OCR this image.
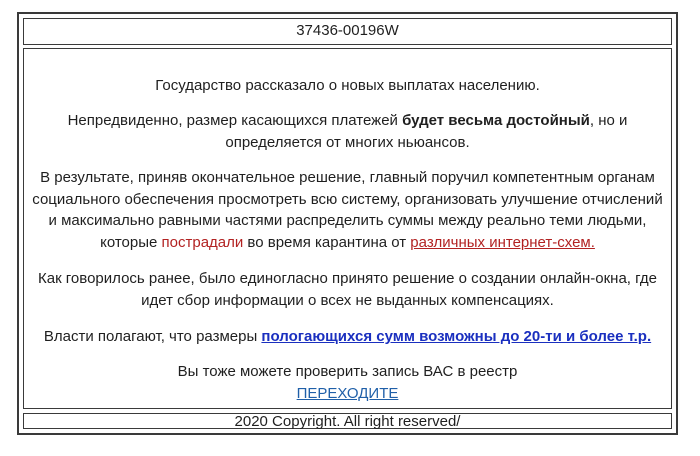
37436-00196W

Государство рассказало о новых выплатах населению.

Непредвиденно, размер касающихся платежей будет весьма достойный, но и определяется от многих ньюансов.

В результате, приняв окончательное решение, главный поручил компетентным органам социального обеспечения просмотреть всю систему, организовать улучшение отчислений и максимально равными частями распределить суммы между реально теми людьми, которые пострадали во время карантина от различных интернет-схем.

Как говорилось ранее, было единогласно принято решение о создании онлайн-окна, где идет сбор информации о всех не выданных компенсациях.

Власти полагают, что размеры пологающихся сумм возможны до 20-ти и более т.р.

Вы тоже можете проверить запись ВАС в реестр

ПЕРЕХОДИТЕ

2020 Copyright. All right reserved/
